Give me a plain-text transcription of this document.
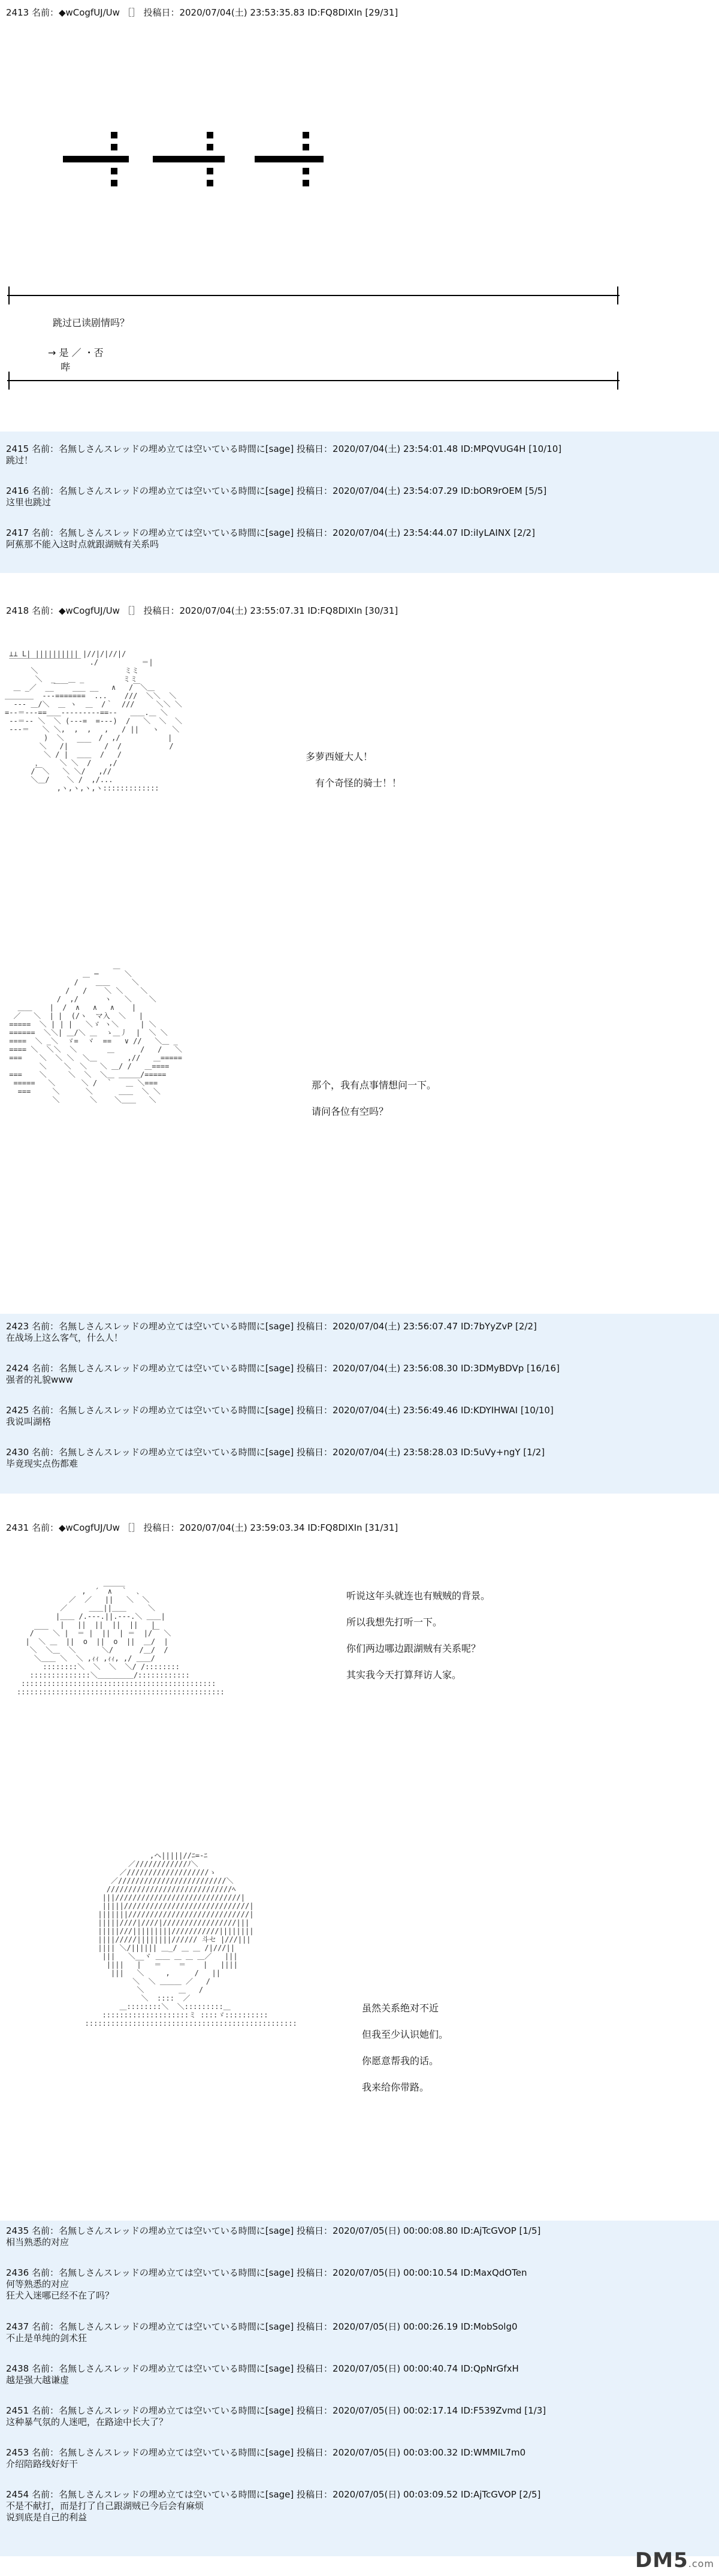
2413 名前：◆wCogfUJ/Uw ［］ 投稿日：2020/07/04(土) 23:53:35.83 ID:FQ8DIXIn [29/31]
跳过已读剧情吗？
→ 是 ／ ・否
　 哔
2415 名前：名無しさんスレッドの埋め立ては空いている時間に[sage] 投稿日：2020/07/04(土) 23:54:01.48 ID:MPQVUG4H [10/10]
跳过！
2416 名前：名無しさんスレッドの埋め立ては空いている時間に[sage] 投稿日：2020/07/04(土) 23:54:07.29 ID:bOR9rOEM [5/5]
这里也跳过
2417 名前：名無しさんスレッドの埋め立ては空いている時間に[sage] 投稿日：2020/07/04(土) 23:54:44.07 ID:iIyLAINX [2/2]
阿蕉那不能入这时点就跟湖贼有关系吗
2418 名前：◆wCogfUJ/Uw ［］ 投稿日：2020/07/04(土) 23:55:07.31 ID:FQ8DIXIn [30/31]

⊥⊥ L| |||||||||| |//|/|//|/
￣￣￣￣￣￣￣￣￣￣  ./          ＝|
＼                    ミミ
＼  _   ＿ _         ミミ
＿ _／  __￣￣ ___ __   ∧   /￣＼＿
＿＿＿＿  ---=======  ...    ///  ＼＼  ＼
--- ＿/＼  ＿ ヽ  ＿  /｀  ///     ＼＼ ＼
=--＝---==＿＿---------==--   ＿＿.＿ ＼
--＝-- ＼  ＼ (---=  =---)  /   ＼  ＼  ＼
---＝   ＼ ＼,  ,  ,   ,   / ||   ヽ   ＼
)  ＼        /  ,/           |
＼   /|  ￣￣   /  /           /
＼ / |  ＿＿  /   /
，    ＼ ＼  /    ,/
/￣＼   ＼ ＼/   ,//
＼＿/    ＼ /  ,/...
,ヽ,ヽ,ヽ,ヽ:::::::::::::

多萝西娅大人！

　有个奇怪的骑士！！

＿
＿ ─      ＼
/    ＿＿     ＼
/   /    ＼ ＼    ＼
/  ,/      ヽ   ＼    ＼
＿＿    |  /  ∧   ∧   ∧    |
／   ＼  | |  (/ヽ  マ入  ＼   |
=====  ＼ | | |   ＼ゞ ヽ＼     | ＼
======  ＼＼| ＿/＼ ＿  ゝ＿丿  |  ＼ ＼
====  ＼ _＼  ゞ=  ヾ  ==   ∨ //   ＼＿ _
==== ＼  ＼＼  ＼       ＿      /   /   ＼
===    ＼  ＼ ＼  ＼＿       ,//   ＿=====
＼    ＼  ＼   ＼ ＿/ /   ＿====
===    ＼     ＼  ＼  ＼＿ ＿＿＿/=====
=====   ＼      ＼ /  ｀   ＿ ＼===
===     ＼      ＼      ＿＿  ＼ ＼
＼       ＼    ＼＿＿   ＼

那个，我有点事情想问一下。

请问各位有空吗？
2423 名前：名無しさんスレッドの埋め立ては空いている時間に[sage] 投稿日：2020/07/04(土) 23:56:07.47 ID:7bYyZvP [2/2]
在战场上这么客气，什么人！
2424 名前：名無しさんスレッドの埋め立ては空いている時間に[sage] 投稿日：2020/07/04(土) 23:56:08.30 ID:3DMyBDVp [16/16]
强者的礼貌www
2425 名前：名無しさんスレッドの埋め立ては空いている時間に[sage] 投稿日：2020/07/04(土) 23:56:49.46 ID:KDYIHWAI [10/10]
我说叫湖格
2430 名前：名無しさんスレッドの埋め立ては空いている時間に[sage] 投稿日：2020/07/04(土) 23:58:28.03 ID:5uVy+ngY [1/2]
毕竟现实点伤都难
2431 名前：◆wCogfUJ/Uw ［］ 投稿日：2020/07/04(土) 23:59:03.34 ID:FQ8DIXIn [31/31]

＿＿＿
,  ´  ∧  ｀  ､
／  ／   ||   ＼  ＼
／     ＿＿||＿＿     ＼
|＿＿ /.---.||.---.＼ ＿＿|
|   ||  ||  ||  ||   |
/￣￣ ＼ |  ＝ |  ||  | ＝  |/￣ ＼
|  ＼ ＿  ||  o  ||  o  ||  ＿/  |
＼  ＼＿  ＼      ＼/      /＿/  /
＼＿＿ ＼  ＼ ,ｨｨ ,ｨｨ, ,/ ＿＿/
::::::::＼  ＼  ＼  ＼/ /::::::::
::::::::::::::＼＿＿＿＿＿/::::::::::::
:::::::::::::::::::::::::::::::::::::::::::::
::::::::::::::::::::::::::::::::::::::::::::::::

听说这年头就连也有贼贼的背景。

所以我想先打听一下。

你们两边哪边跟湖贼有关系呢？

其实我今天打算拜访人家。

,ヘ|||||//ﾆ=-ﾆ
／////////////ﾉ＼
／///////////////////ゝ
／/////////////////////////＼
/////////////////////////////ﾍ
|||/////////////////////////////|
|||||/////////////////////////////|
|||||||////////////////////////////|
|||||////|////|/////////////////|||
|||||///|||||||||///////////||||||||
||||/////||||||||////// 斗セ |///|||
|||| ＼/|||||| ＿_/ ＿ ＿ /|///||
|||   ＼__ヾ ＿＿ ＿ ＿ ＿／   |||
||||   |   ＝    ＝    |   ||||
|||   ＼     ,    　/   ||
＼  ＼ ＿＿＿ ／   /
＼        ＿   /
＼  ::::  ／
＿::::::::＼  ＼:::::::::＿
::::::::::::::::::::ミ ::::ゞ::::::::::
:::::::::::::::::::::::::::::::::::::::::::::::::

虽然关系绝对不近

但我至少认识她们。

你愿意帮我的话。

我来给你带路。
2435 名前：名無しさんスレッドの埋め立ては空いている時間に[sage] 投稿日：2020/07/05(日) 00:00:08.80 ID:AjTcGVOP [1/5]
相当熟悉的对应
2436 名前：名無しさんスレッドの埋め立ては空いている時間に[sage] 投稿日：2020/07/05(日) 00:00:10.54 ID:MaxQdOTen
何等熟悉的对应
狂犬入迷哪已经不在了吗？
2437 名前：名無しさんスレッドの埋め立ては空いている時間に[sage] 投稿日：2020/07/05(日) 00:00:26.19 ID:MobSolg0
不止是单纯的剑术狂
2438 名前：名無しさんスレッドの埋め立ては空いている時間に[sage] 投稿日：2020/07/05(日) 00:00:40.74 ID:QpNrGfxH
越是强大越谦虚
2451 名前：名無しさんスレッドの埋め立ては空いている時間に[sage] 投稿日：2020/07/05(日) 00:02:17.14 ID:F539Zvmd [1/3]
这种暴气氛的人迷吧，在路途中长大了？
2453 名前：名無しさんスレッドの埋め立ては空いている時間に[sage] 投稿日：2020/07/05(日) 00:03:00.32 ID:WMMIL7m0
介绍陪路线好好干
2454 名前：名無しさんスレッドの埋め立ては空いている時間に[sage] 投稿日：2020/07/05(日) 00:03:09.52 ID:AjTcGVOP [2/5]
不是不献打，而是打了自己跟湖贼已今后会有麻烦
说到底是自己的利益
DM5.com
